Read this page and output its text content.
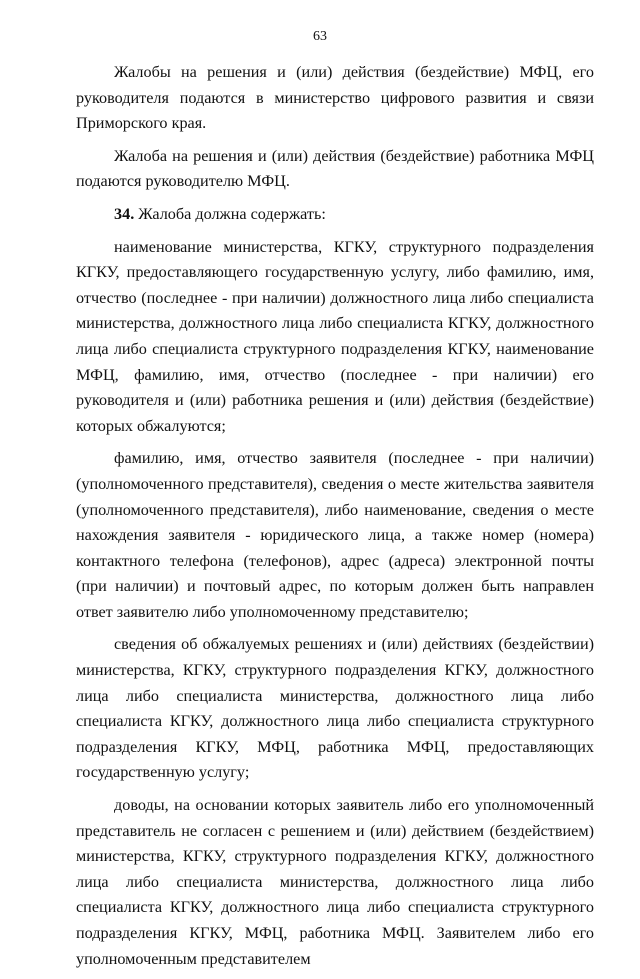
63

Жалобы на решения и (или) действия (бездействие) МФЦ, его руководителя подаются в министерство цифрового развития и связи Приморского края.

Жалоба на решения и (или) действия (бездействие) работника МФЦ подаются руководителю МФЦ.

34. Жалоба должна содержать:

наименование министерства, КГКУ, структурного подразделения КГКУ, предоставляющего государственную услугу, либо фамилию, имя, отчество (последнее - при наличии) должностного лица либо специалиста министерства, должностного лица либо специалиста КГКУ, должностного лица либо специалиста структурного подразделения КГКУ, наименование МФЦ, фамилию, имя, отчество (последнее - при наличии) его руководителя и (или) работника решения и (или) действия (бездействие) которых обжалуются;

фамилию, имя, отчество заявителя (последнее - при наличии) (уполномоченного представителя), сведения о месте жительства заявителя (уполномоченного представителя), либо наименование, сведения о месте нахождения заявителя - юридического лица, а также номер (номера) контактного телефона (телефонов), адрес (адреса) электронной почты (при наличии) и почтовый адрес, по которым должен быть направлен ответ заявителю либо уполномоченному представителю;

сведения об обжалуемых решениях и (или) действиях (бездействии) министерства, КГКУ, структурного подразделения КГКУ, должностного лица либо специалиста министерства, должностного лица либо специалиста КГКУ, должностного лица либо специалиста структурного подразделения КГКУ, МФЦ, работника МФЦ, предоставляющих государственную услугу;

доводы, на основании которых заявитель либо его уполномоченный представитель не согласен с решением и (или) действием (бездействием) министерства, КГКУ, структурного подразделения КГКУ, должностного лица либо специалиста министерства, должностного лица либо специалиста КГКУ, должностного лица либо специалиста структурного подразделения КГКУ, МФЦ, работника МФЦ. Заявителем либо его уполномоченным представителем
